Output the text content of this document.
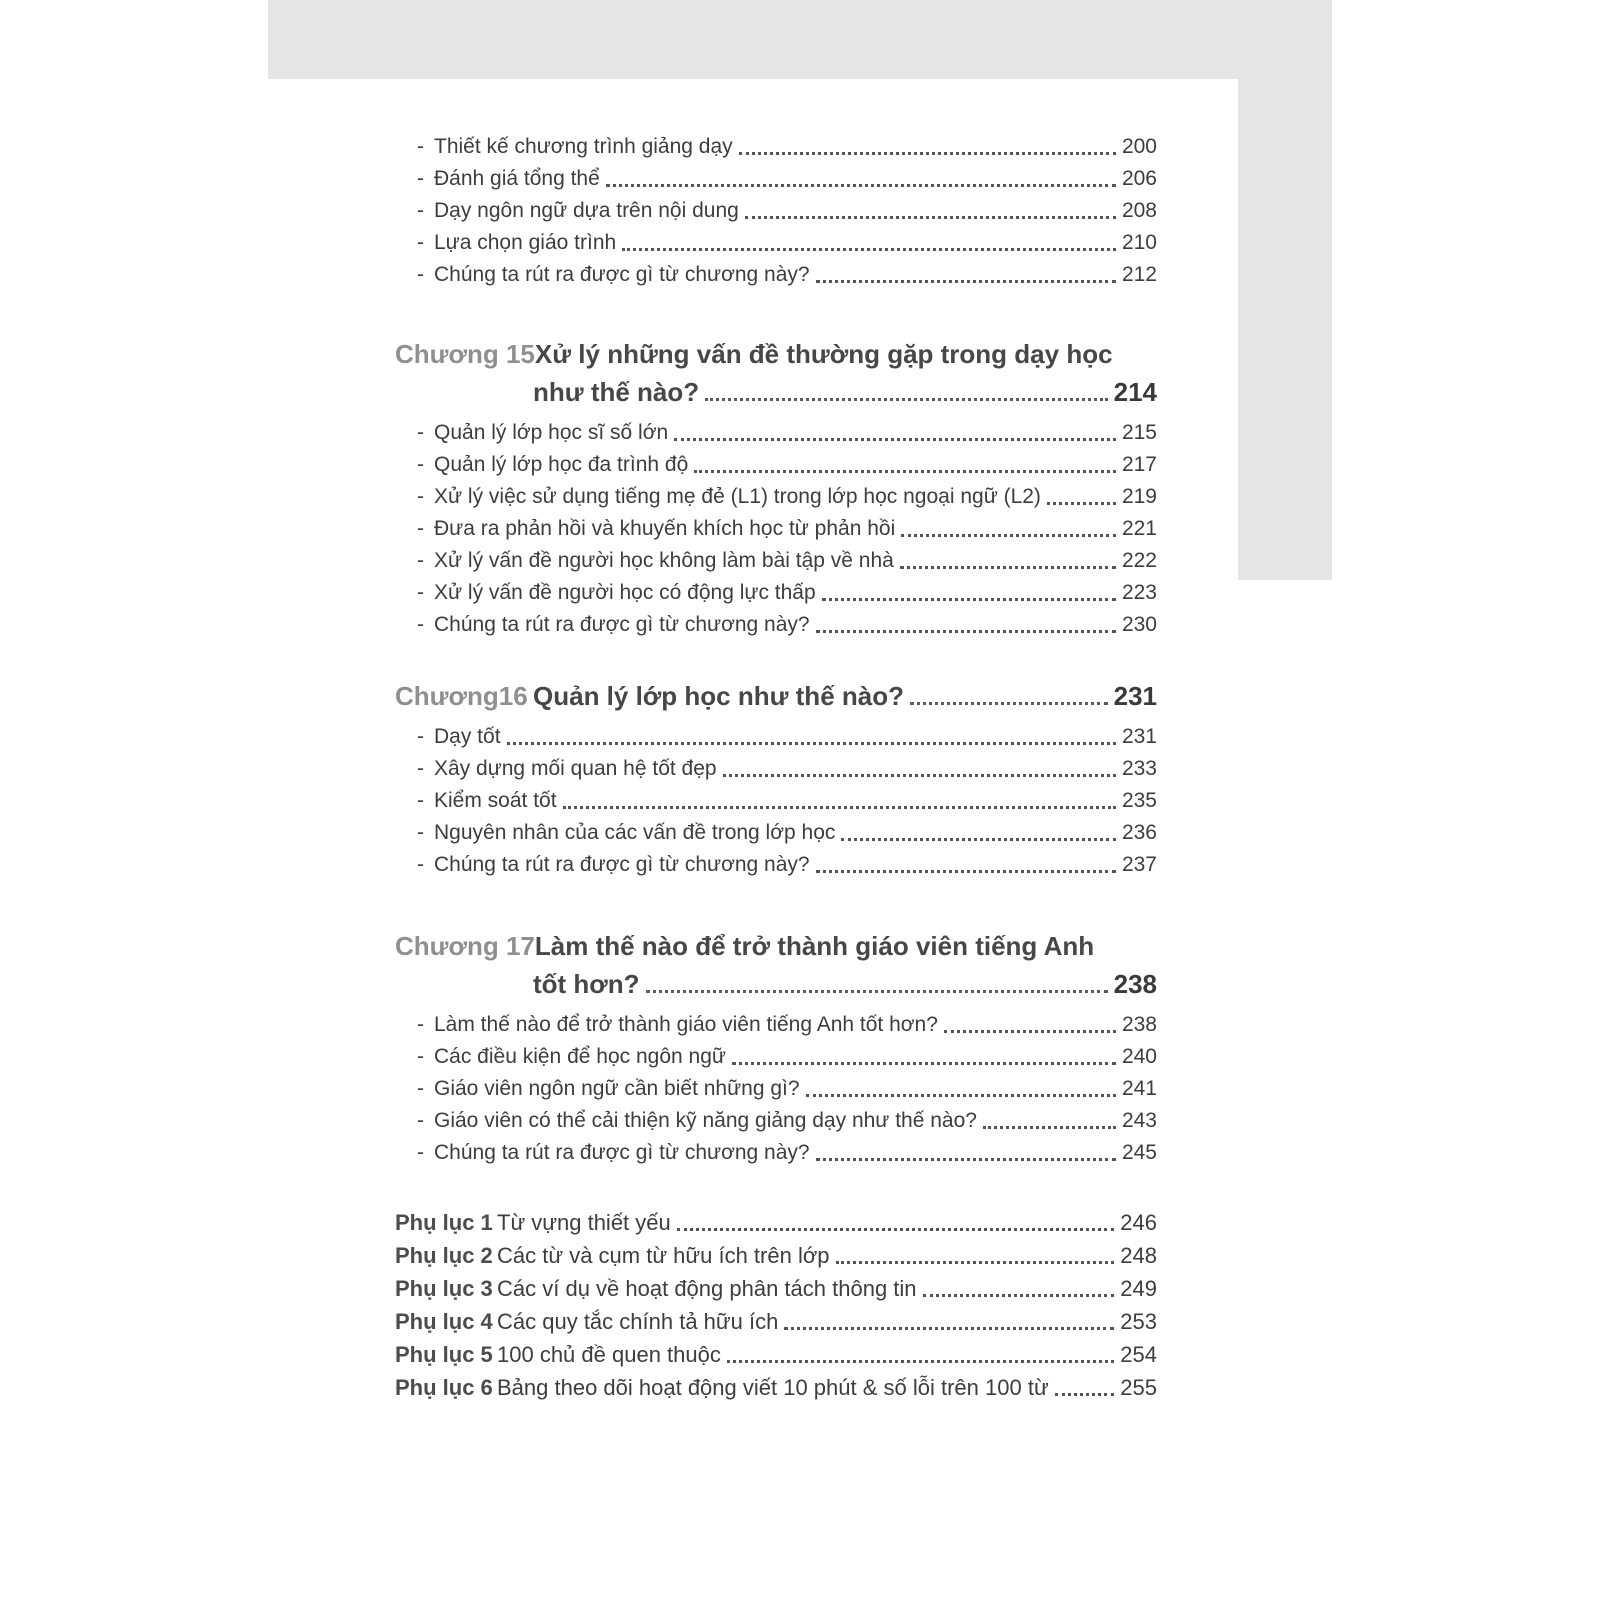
- Thiết kế chương trình giảng dạy	200
- Đánh giá tổng thể	206
- Dạy ngôn ngữ dựa trên nội dung	208
- Lựa chọn giáo trình	210
- Chúng ta rút ra được gì từ chương này?	212
Chương 15 Xử lý những vấn đề thường gặp trong dạy học
như thế nào?	214
- Quản lý lớp học sĩ số lớn	215
- Quản lý lớp học đa trình độ	217
- Xử lý việc sử dụng tiếng mẹ đẻ (L1) trong lớp học ngoại ngữ (L2)	219
- Đưa ra phản hồi và khuyến khích học từ phản hồi	221
- Xử lý vấn đề người học không làm bài tập về nhà	222
- Xử lý vấn đề người học có động lực thấp	223
- Chúng ta rút ra được gì từ chương này?	230
Chương16 Quản lý lớp học như thế nào?	231
- Dạy tốt	231
- Xây dựng mối quan hệ tốt đẹp	233
- Kiểm soát tốt	235
- Nguyên nhân của các vấn đề trong lớp học	236
- Chúng ta rút ra được gì từ chương này?	237
Chương 17 Làm thế nào để trở thành giáo viên tiếng Anh
tốt hơn?	238
- Làm thế nào để trở thành giáo viên tiếng Anh tốt hơn?	238
- Các điều kiện để học ngôn ngữ	240
- Giáo viên ngôn ngữ cần biết những gì?	241
- Giáo viên có thể cải thiện kỹ năng giảng dạy như thế nào?	243
- Chúng ta rút ra được gì từ chương này?	245
Phụ lục 1 Từ vựng thiết yếu	246
Phụ lục 2 Các từ và cụm từ hữu ích trên lớp	248
Phụ lục 3 Các ví dụ về hoạt động phân tách thông tin	249
Phụ lục 4 Các quy tắc chính tả hữu ích	253
Phụ lục 5 100 chủ đề quen thuộc	254
Phụ lục 6 Bảng theo dõi hoạt động viết 10 phút & số lỗi trên 100 từ	255
